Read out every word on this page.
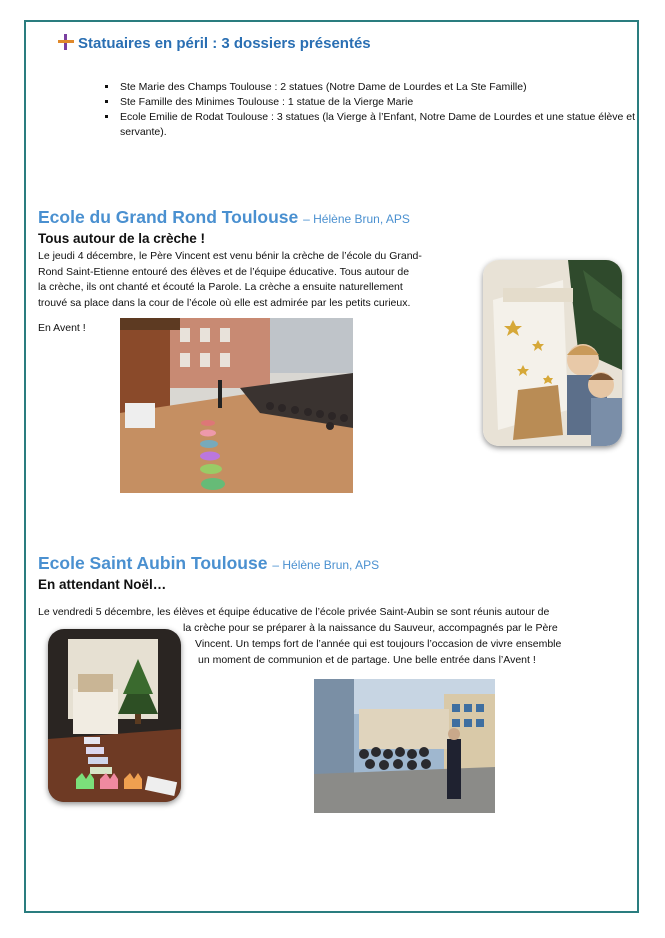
Statuaires en péril : 3 dossiers présentés
▪ Ste Marie des Champs Toulouse : 2 statues (Notre Dame de Lourdes et La Ste Famille)
▪ Ste Famille des Minimes Toulouse : 1 statue de la Vierge Marie
▪ Ecole Emilie de Rodat Toulouse : 3 statues (la Vierge à l’Enfant, Notre Dame de Lourdes et une statue élève et servante).
Ecole du Grand Rond Toulouse – Hélène Brun, APS
Tous autour de la crèche !
Le jeudi 4 décembre, le Père Vincent est venu bénir la crèche de l’école du Grand-
Rond Saint-Etienne entouré des élèves et de l’équipe éducative. Tous autour de
la crèche, ils ont chanté et écouté la Parole. La crèche a ensuite naturellement
trouvé sa place dans la cour de l’école où elle est admirée par les petits curieux.
En Avent !
Ecole Saint Aubin Toulouse – Hélène Brun, APS
En attendant Noël…
Le vendredi 5 décembre, les élèves et équipe éducative de l’école privée Saint-Aubin se sont réunis autour de
la crèche pour se préparer à la naissance du Sauveur, accompagnés par le Père
Vincent. Un temps fort de l’année qui est toujours l’occasion de vivre ensemble
un moment de communion et de partage. Une belle entrée dans l’Avent !
